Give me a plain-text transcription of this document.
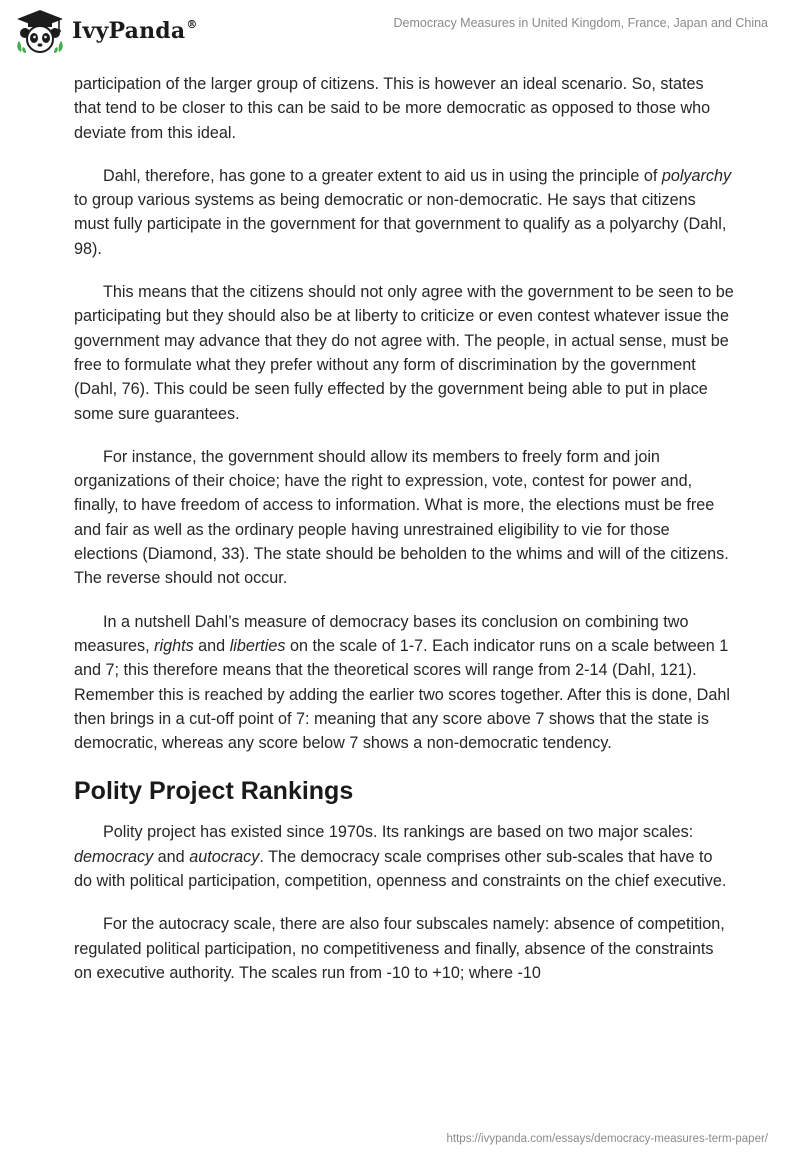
IvyPanda®	Democracy Measures in United Kingdom, France, Japan and China

participation of the larger group of citizens. This is however an ideal scenario. So, states that tend to be closer to this can be said to be more democratic as opposed to those who deviate from this ideal.

Dahl, therefore, has gone to a greater extent to aid us in using the principle of polyarchy to group various systems as being democratic or non-democratic. He says that citizens must fully participate in the government for that government to qualify as a polyarchy (Dahl, 98).

This means that the citizens should not only agree with the government to be seen to be participating but they should also be at liberty to criticize or even contest whatever issue the government may advance that they do not agree with. The people, in actual sense, must be free to formulate what they prefer without any form of discrimination by the government (Dahl, 76). This could be seen fully effected by the government being able to put in place some sure guarantees.

For instance, the government should allow its members to freely form and join organizations of their choice; have the right to expression, vote, contest for power and, finally, to have freedom of access to information. What is more, the elections must be free and fair as well as the ordinary people having unrestrained eligibility to vie for those elections (Diamond, 33). The state should be beholden to the whims and will of the citizens. The reverse should not occur.

In a nutshell Dahl’s measure of democracy bases its conclusion on combining two measures, rights and liberties on the scale of 1-7. Each indicator runs on a scale between 1 and 7; this therefore means that the theoretical scores will range from 2-14 (Dahl, 121). Remember this is reached by adding the earlier two scores together. After this is done, Dahl then brings in a cut-off point of 7: meaning that any score above 7 shows that the state is democratic, whereas any score below 7 shows a non-democratic tendency.

Polity Project Rankings

Polity project has existed since 1970s. Its rankings are based on two major scales: democracy and autocracy. The democracy scale comprises other sub-scales that have to do with political participation, competition, openness and constraints on the chief executive.

For the autocracy scale, there are also four subscales namely: absence of competition, regulated political participation, no competitiveness and finally, absence of the constraints on executive authority. The scales run from -10 to +10; where -10

https://ivypanda.com/essays/democracy-measures-term-paper/
